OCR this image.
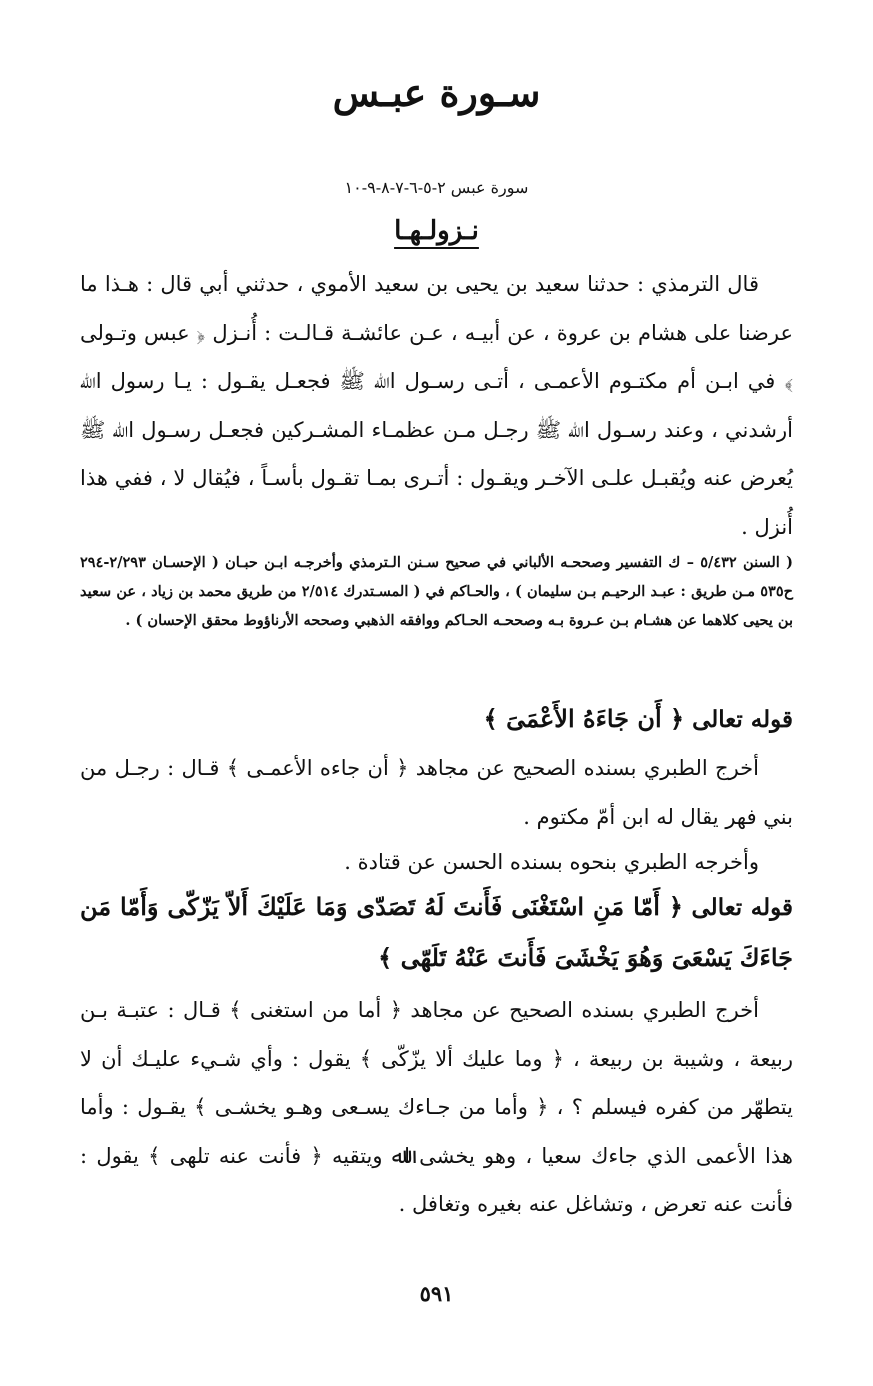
سـورة عبـس
سورة عبس ٢-٥-٦-٧-٨-٩-١٠
نـزولـهـا
قال الترمذي : حدثنا سعيد بن يحيى بن سعيد الأموي ، حدثني أبي قال : هـذا ما عرضنا على هشام بن عروة ، عن أبيـه ، عـن عائشـة قـالـت : أُنـزل ﴿ عبس وتـولى ﴾ في ابـن أم مكتـوم الأعمـى ، أتـى رسـول اﷲ ﷺ فجعـل يقـول : يـا رسول اﷲ أرشدني ، وعند رسـول اﷲ ﷺ رجـل مـن عظمـاء المشـركين فجعـل رسـول اﷲ ﷺ يُعرض عنه ويُقبـل علـى الآخـر ويقـول : أتـرى بمـا تقـول بأسـاً ، فيُقال لا ، ففي هذا أُنزل .
( السنن ٥/٤٣٢ – ك التفسير وصححـه الألباني في صحيح سـنن الـترمذي وأخرجـه ابـن حبـان ( الإحسـان ٢/٢٩٣-٢٩٤ ح٥٣٥ مـن طريق : عبـد الرحيـم بـن سليمان ) ، والحـاكم في ( المسـتدرك ٢/٥١٤ من طريق محمد بن زياد ، عن سعيد بن يحيى كلاهما عن هشـام بـن عـروة بـه وصححـه الحـاكم ووافقه الذهبي وصححه الأرناؤوط محقق الإحسان ) .
قوله تعالى ﴿ أَن جَاءَهُ الأَعْمَىَ ﴾
أخرج الطبري بسنده الصحيح عن مجاهد ﴿ أن جاءه الأعمـى ﴾ قـال : رجـل من بني فهر يقال له ابن أمّ مكتوم .
وأخرجه الطبري بنحوه بسنده الحسن عن قتادة .
قوله تعالى ﴿ أَمّا مَنِ اسْتَغْنَى فَأَنتَ لَهُ تَصَدّى وَمَا عَلَيْكَ أَلاّ يَزّكّى وَأَمّا مَن جَاءَكَ يَسْعَىَ وَهُوَ يَخْشَىَ فَأَنتَ عَنْهُ تَلَهّى ﴾
أخرج الطبري بسنده الصحيح عن مجاهد ﴿ أما من استغنى ﴾ قـال : عتبـة بـن ربيعة ، وشيبة بن ربيعة ، ﴿ وما عليك ألا يزّكّى ﴾ يقول : وأي شـيء عليـك أن لا يتطهّر من كفره فيسلم ؟ ، ﴿ وأما من جـاءك يسـعى وهـو يخشـى ﴾ يقـول : وأما هذا الأعمى الذي جاءك سعيا ، وهو يخشى اﷲ ويتقيه ﴿ فأنت عنه تلهى ﴾ يقول : فأنت عنه تعرض ، وتشاغل عنه بغيره وتغافل .
٥٩١
